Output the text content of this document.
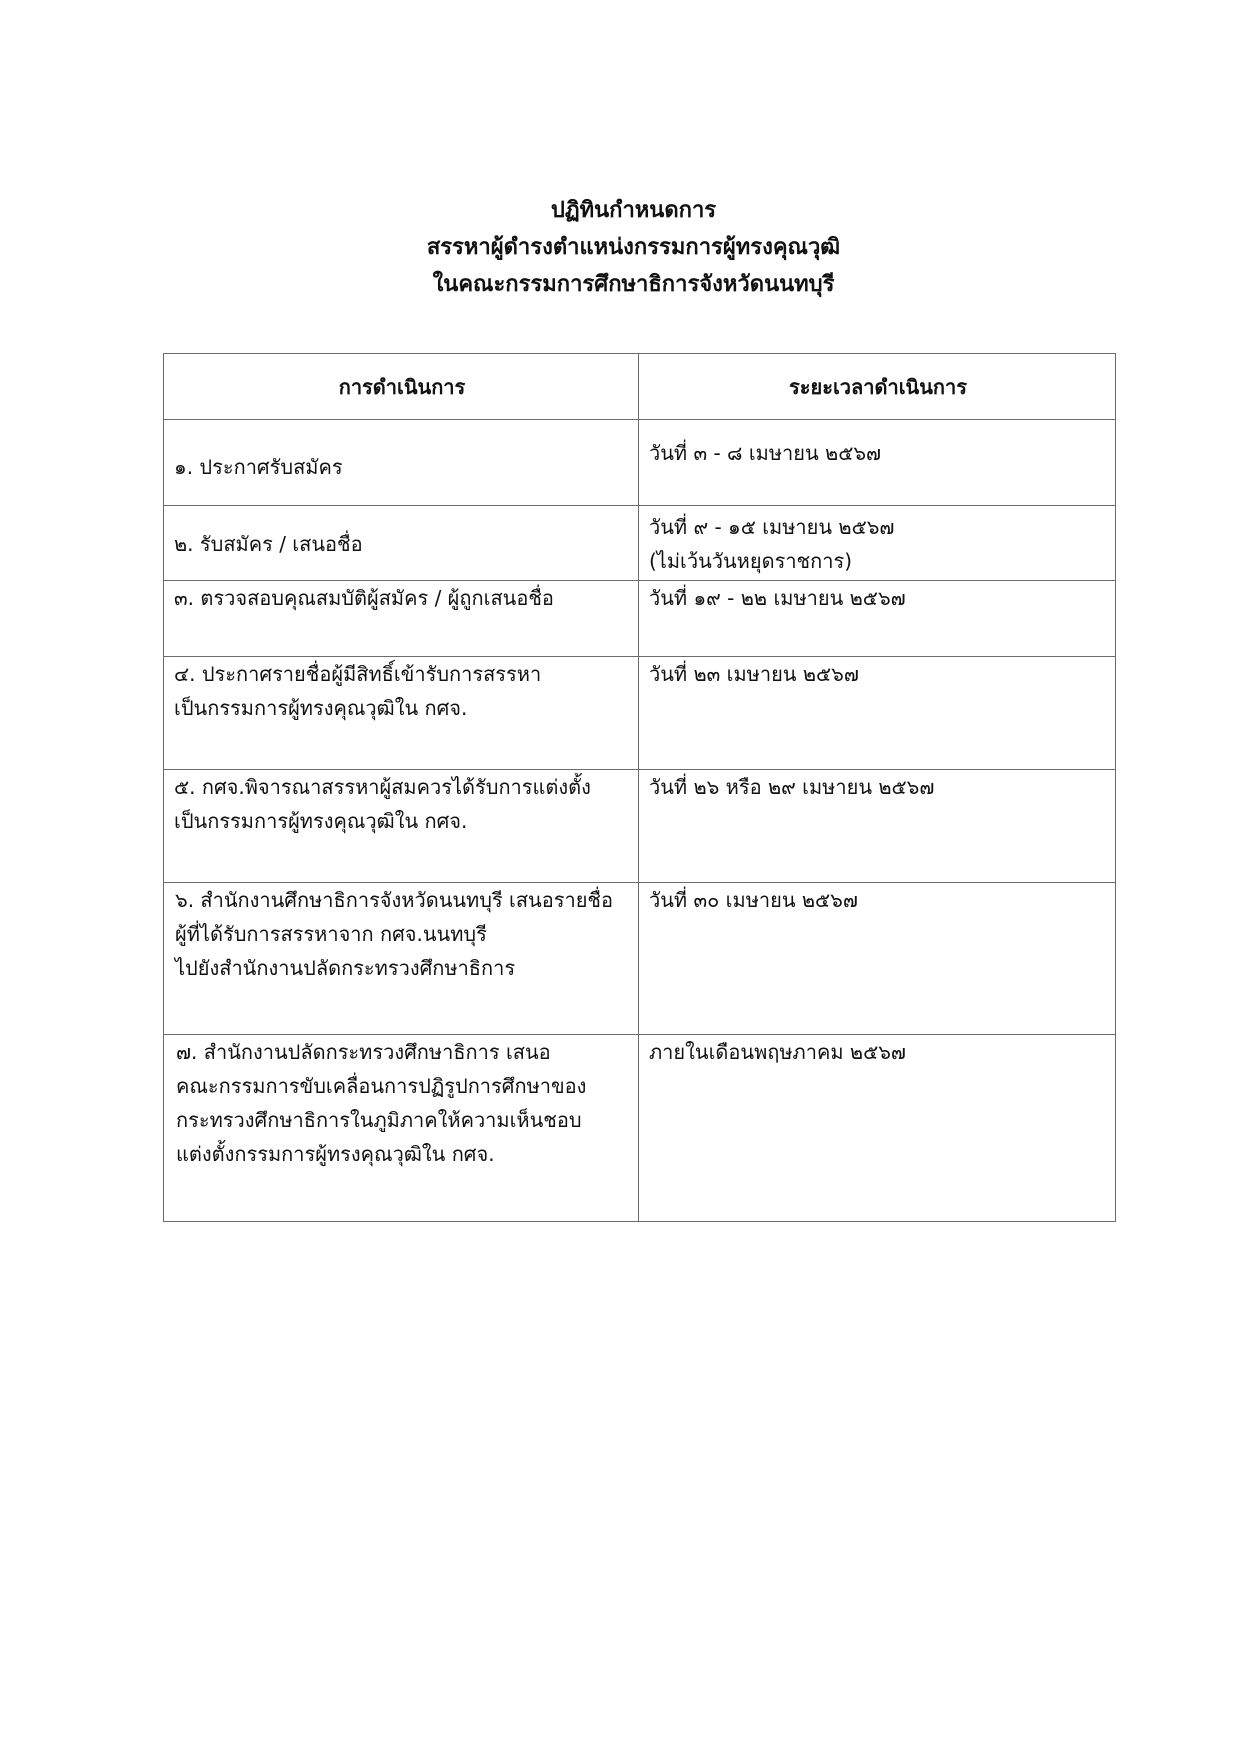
ปฏิทินกำหนดการ
สรรหาผู้ดำรงตำแหน่งกรรมการผู้ทรงคุณวุฒิ
ในคณะกรรมการศึกษาธิการจังหวัดนนทบุรี
การดำเนินการ	ระยะเวลาดำเนินการ
๑. ประกาศรับสมัคร	วันที่ ๓ - ๘ เมษายน ๒๕๖๗
๒. รับสมัคร / เสนอชื่อ	วันที่ ๙ - ๑๕ เมษายน ๒๕๖๗
(ไม่เว้นวันหยุดราชการ)
๓. ตรวจสอบคุณสมบัติผู้สมัคร / ผู้ถูกเสนอชื่อ	วันที่ ๑๙ - ๒๒ เมษายน ๒๕๖๗
๔. ประกาศรายชื่อผู้มีสิทธิ์เข้ารับการสรรหา
เป็นกรรมการผู้ทรงคุณวุฒิใน กศจ.	วันที่ ๒๓ เมษายน ๒๕๖๗
๕. กศจ.พิจารณาสรรหาผู้สมควรได้รับการแต่งตั้ง
เป็นกรรมการผู้ทรงคุณวุฒิใน กศจ.	วันที่ ๒๖ หรือ ๒๙ เมษายน ๒๕๖๗
๖. สำนักงานศึกษาธิการจังหวัดนนทบุรี เสนอรายชื่อ
ผู้ที่ได้รับการสรรหาจาก กศจ.นนทบุรี
ไปยังสำนักงานปลัดกระทรวงศึกษาธิการ	วันที่ ๓๐ เมษายน ๒๕๖๗
๗. สำนักงานปลัดกระทรวงศึกษาธิการ เสนอ
คณะกรรมการขับเคลื่อนการปฏิรูปการศึกษาของ
กระทรวงศึกษาธิการในภูมิภาคให้ความเห็นชอบ
แต่งตั้งกรรมการผู้ทรงคุณวุฒิใน กศจ.	ภายในเดือนพฤษภาคม ๒๕๖๗
